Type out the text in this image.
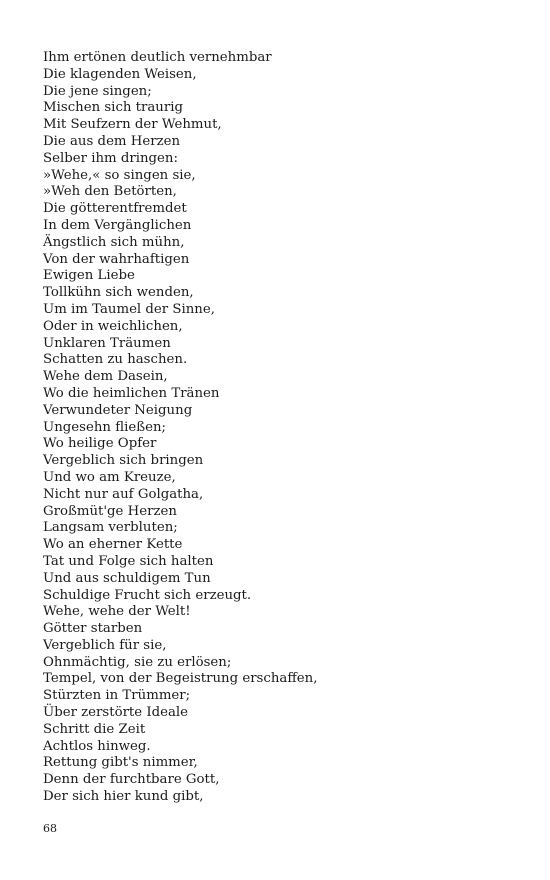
Ihm ertönen deutlich vernehmbar
Die klagenden Weisen,
Die jene singen;
Mischen sich traurig
Mit Seufzern der Wehmut,
Die aus dem Herzen
Selber ihm dringen:
»Wehe,« so singen sie,
»Weh den Betörten,
Die götterentfremdet
In dem Vergänglichen
Ängstlich sich mühn,
Von der wahrhaftigen
Ewigen Liebe
Tollkühn sich wenden,
Um im Taumel der Sinne,
Oder in weichlichen,
Unklaren Träumen
Schatten zu haschen.
Wehe dem Dasein,
Wo die heimlichen Tränen
Verwundeter Neigung
Ungesehn fließen;
Wo heilige Opfer
Vergeblich sich bringen
Und wo am Kreuze,
Nicht nur auf Golgatha,
Großmüt'ge Herzen
Langsam verbluten;
Wo an eherner Kette
Tat und Folge sich halten
Und aus schuldigem Tun
Schuldige Frucht sich erzeugt.
Wehe, wehe der Welt!
Götter starben
Vergeblich für sie,
Ohnmächtig, sie zu erlösen;
Tempel, von der Begeistrung erschaffen,
Stürzten in Trümmer;
Über zerstörte Ideale
Schritt die Zeit
Achtlos hinweg.
Rettung gibt's nimmer,
Denn der furchtbare Gott,
Der sich hier kund gibt,
68
